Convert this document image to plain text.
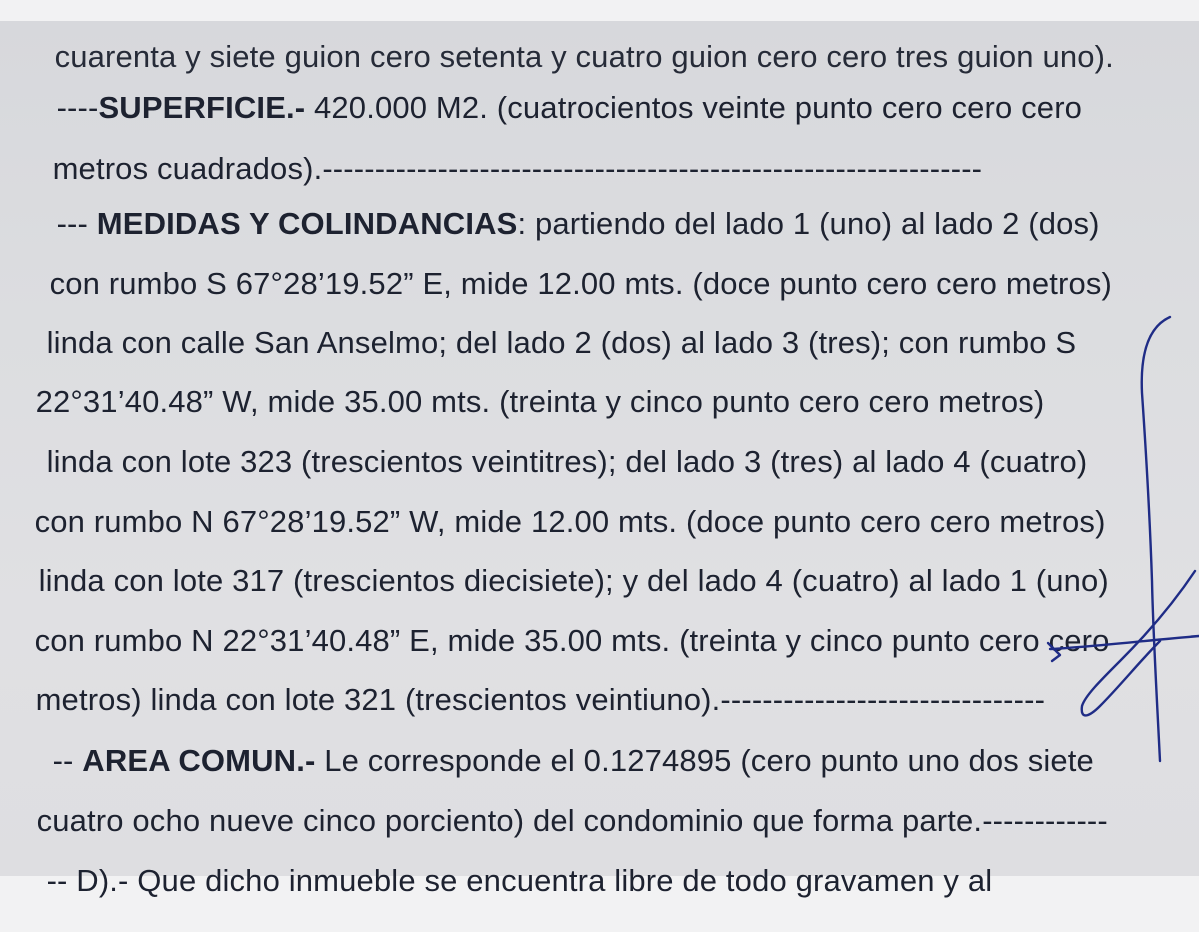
cuarenta y siete guion cero setenta y cuatro guion cero cero tres guion uno).

----SUPERFICIE.- 420.000 M2. (cuatrocientos veinte punto cero cero cero

metros cuadrados).---------------------------------------------------------------

--- MEDIDAS Y COLINDANCIAS: partiendo del lado 1 (uno) al lado 2 (dos)

con rumbo S 67°28’19.52” E, mide 12.00 mts. (doce punto cero cero metros)

linda con calle San Anselmo; del lado 2 (dos) al lado 3 (tres); con rumbo S

22°31’40.48” W, mide 35.00 mts. (treinta y cinco punto cero cero metros)

linda con lote 323 (trescientos veintitres); del lado 3 (tres) al lado 4 (cuatro)

con rumbo N 67°28’19.52” W, mide 12.00 mts. (doce punto cero cero metros)

linda con lote 317 (trescientos diecisiete); y del lado 4 (cuatro) al lado 1 (uno)

con rumbo N 22°31’40.48” E, mide 35.00 mts. (treinta y cinco punto cero cero

metros) linda con lote 321 (trescientos veintiuno).-------------------------------

-- AREA COMUN.- Le corresponde el 0.1274895 (cero punto uno dos siete

cuatro ocho nueve cinco porciento) del condominio que forma parte.------------

-- D).- Que dicho inmueble se encuentra libre de todo gravamen y al
